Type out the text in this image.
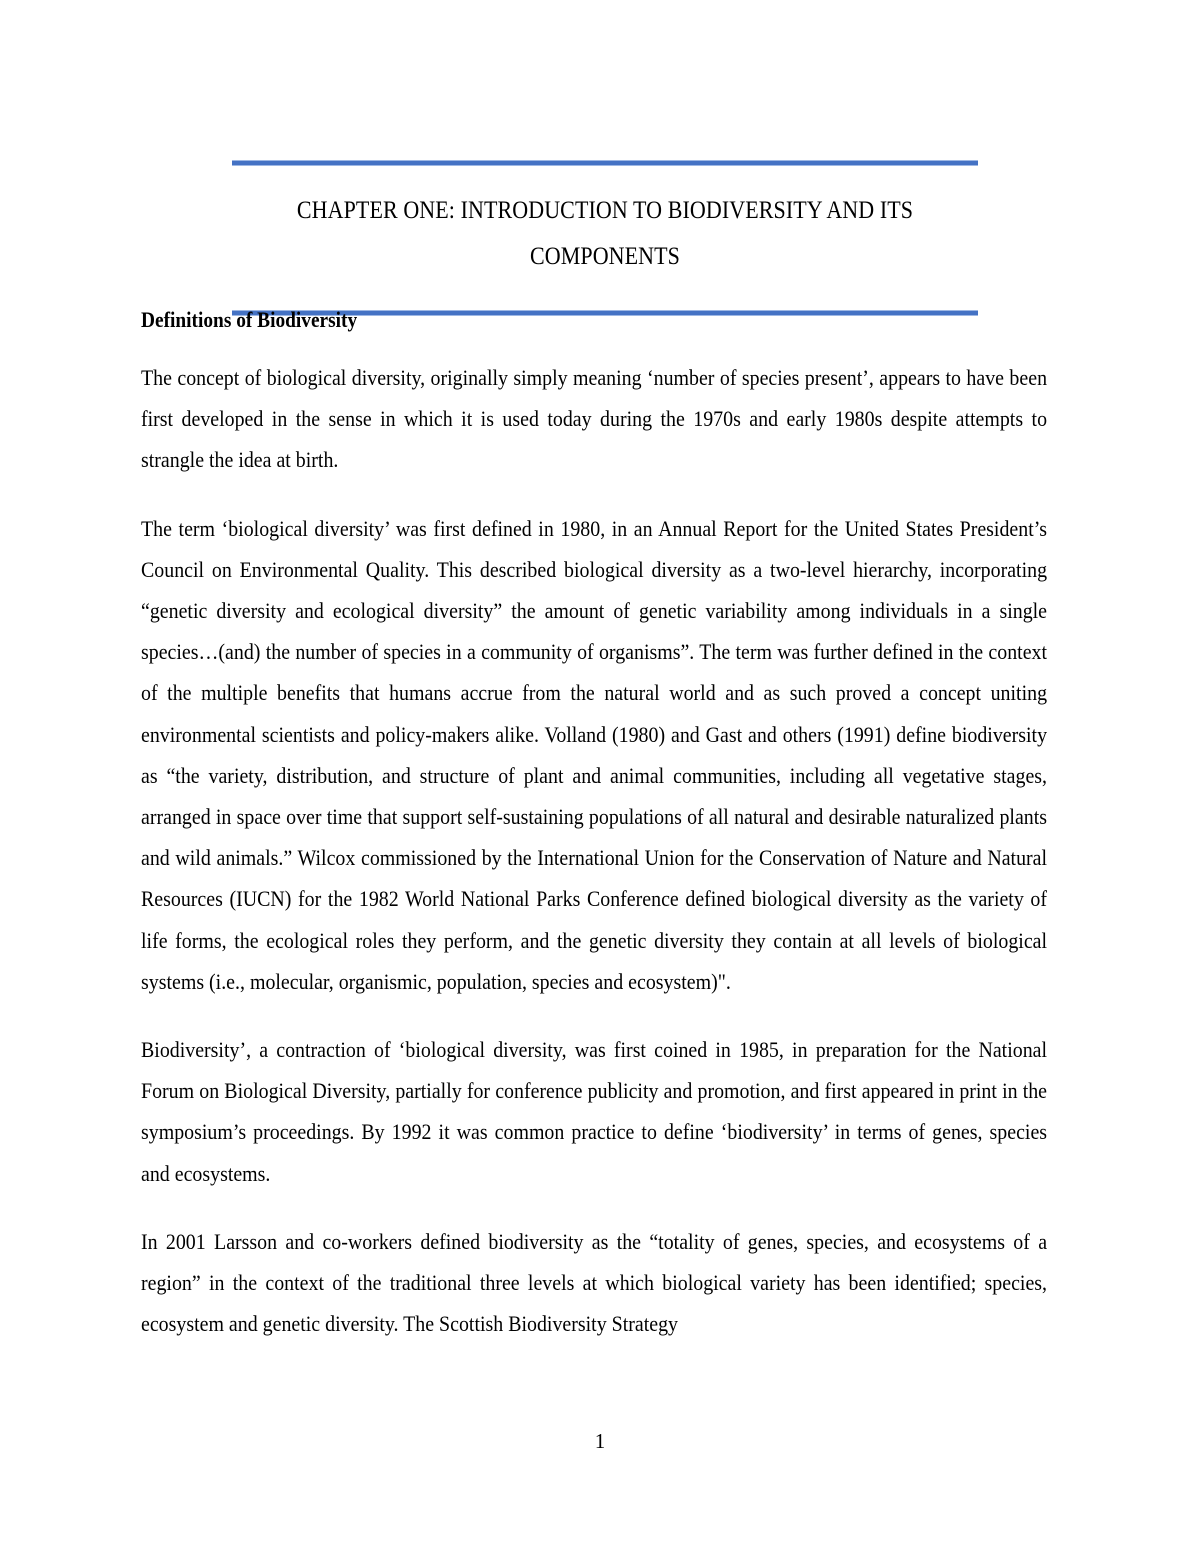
CHAPTER ONE: INTRODUCTION TO BIODIVERSITY AND ITS
COMPONENTS
Definitions of Biodiversity

The concept of biological diversity, originally simply meaning ‘number of species present’, appears to have been first developed in the sense in which it is used today during the 1970s and early 1980s despite attempts to strangle the idea at birth.

The term ‘biological diversity’ was first defined in 1980, in an Annual Report for the United States President’s Council on Environmental Quality. This described biological diversity as a two-level hierarchy, incorporating “genetic diversity and ecological diversity” the amount of genetic variability among individuals in a single species…(and) the number of species in a community of organisms”. The term was further defined in the context of the multiple benefits that humans accrue from the natural world and as such proved a concept uniting environmental scientists and policy-makers alike. Volland (1980) and Gast and others (1991) define biodiversity as “the variety, distribution, and structure of plant and animal communities, including all vegetative stages, arranged in space over time that support self-sustaining populations of all natural and desirable naturalized plants and wild animals.” Wilcox commissioned by the International Union for the Conservation of Nature and Natural Resources (IUCN) for the 1982 World National Parks Conference defined biological diversity as the variety of life forms, the ecological roles they perform, and the genetic diversity they contain at all levels of biological systems (i.e., molecular, organismic, population, species and ecosystem)".

Biodiversity’, a contraction of ‘biological diversity, was first coined in 1985, in preparation for the National Forum on Biological Diversity, partially for conference publicity and promotion, and first appeared in print in the symposium’s proceedings. By 1992 it was common practice to define ‘biodiversity’ in terms of genes, species and ecosystems.

In 2001 Larsson and co-workers defined biodiversity as the “totality of genes, species, and ecosystems of a region” in the context of the traditional three levels at which biological variety has been identified; species, ecosystem and genetic diversity. The Scottish Biodiversity Strategy

1
